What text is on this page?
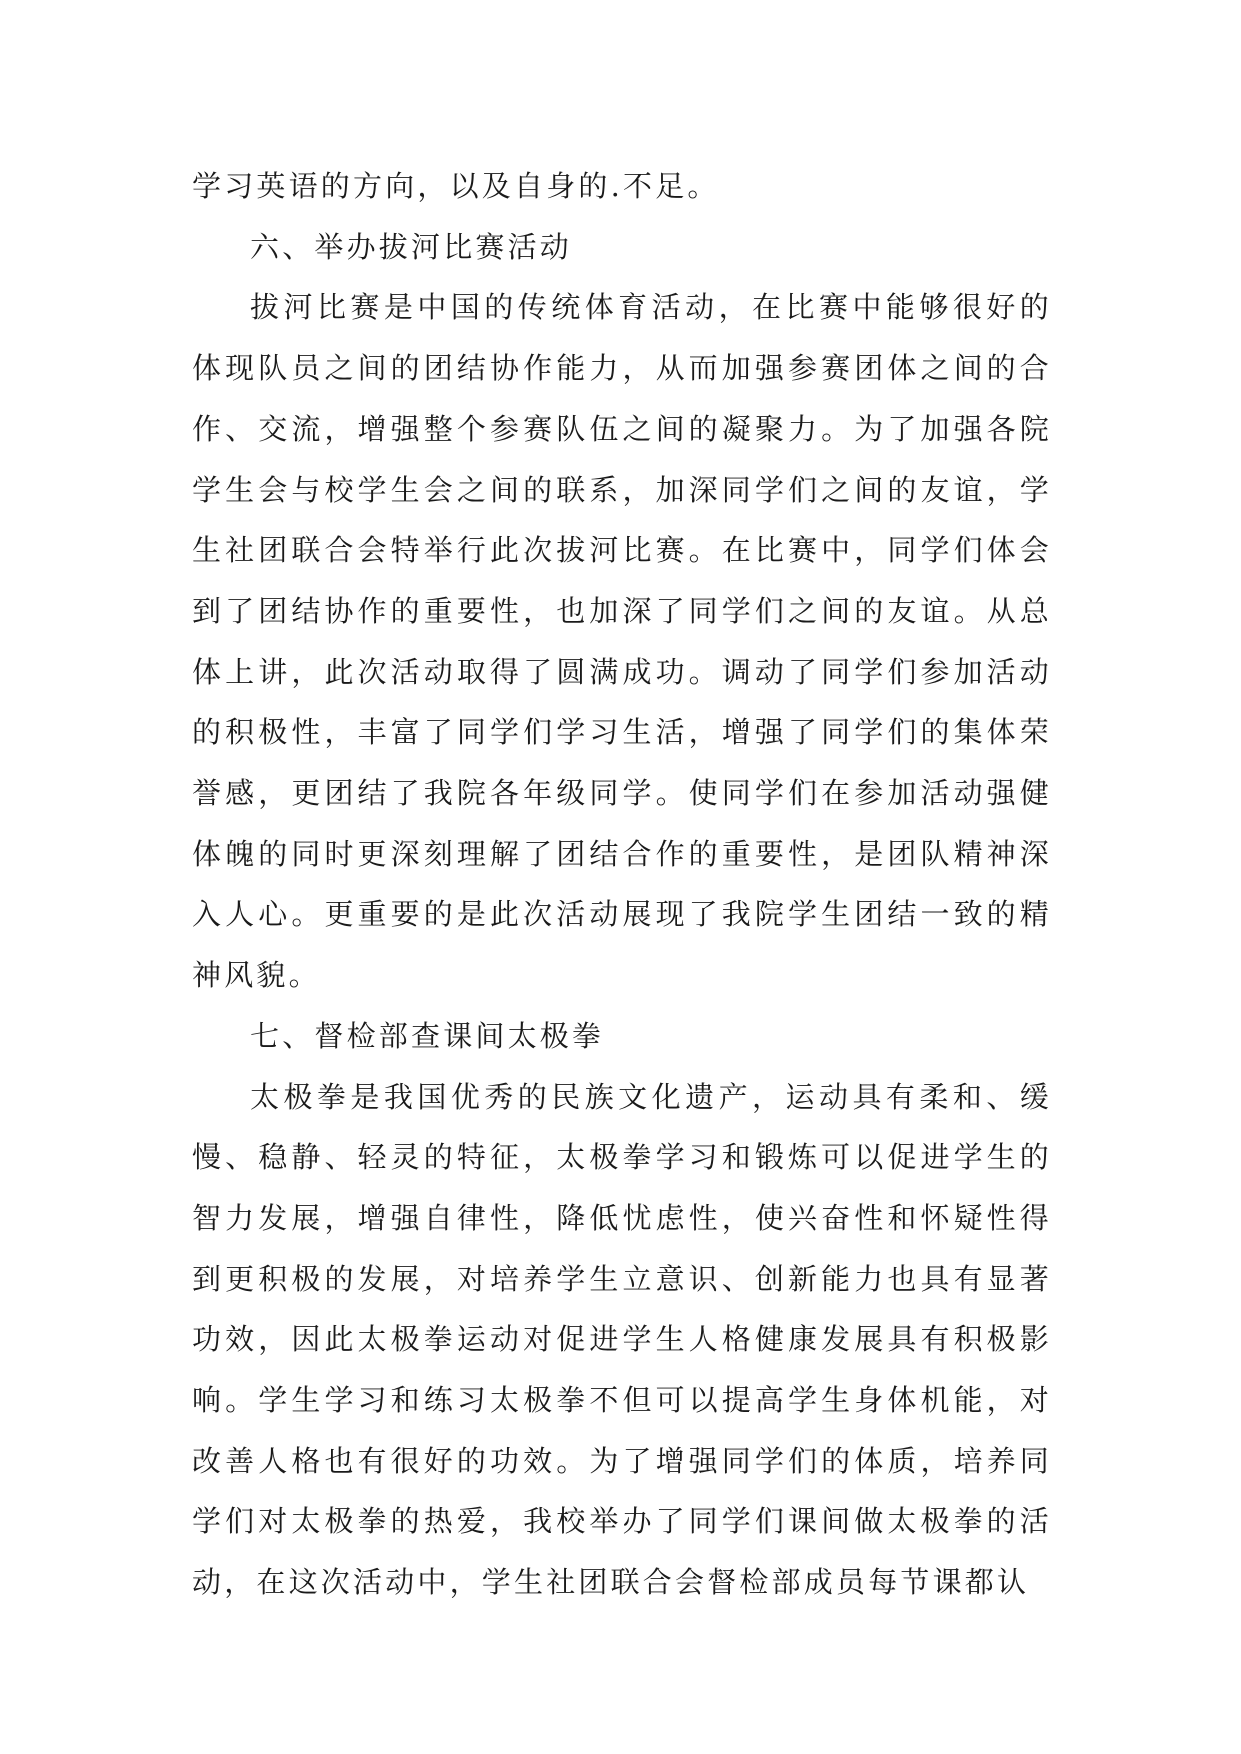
学习英语的方向，以及自身的.不足。

六、举办拔河比赛活动

拔河比赛是中国的传统体育活动，在比赛中能够很好的体现队员之间的团结协作能力，从而加强参赛团体之间的合作、交流，增强整个参赛队伍之间的凝聚力。为了加强各院学生会与校学生会之间的联系，加深同学们之间的友谊，学生社团联合会特举行此次拔河比赛。在比赛中，同学们体会到了团结协作的重要性，也加深了同学们之间的友谊。从总体上讲，此次活动取得了圆满成功。调动了同学们参加活动的积极性，丰富了同学们学习生活，增强了同学们的集体荣誉感，更团结了我院各年级同学。使同学们在参加活动强健体魄的同时更深刻理解了团结合作的重要性，是团队精神深入人心。更重要的是此次活动展现了我院学生团结一致的精神风貌。

七、督检部查课间太极拳

太极拳是我国优秀的民族文化遗产，运动具有柔和、缓慢、稳静、轻灵的特征，太极拳学习和锻炼可以促进学生的智力发展，增强自律性，降低忧虑性，使兴奋性和怀疑性得到更积极的发展，对培养学生立意识、创新能力也具有显著功效，因此太极拳运动对促进学生人格健康发展具有积极影响。学生学习和练习太极拳不但可以提高学生身体机能，对改善人格也有很好的功效。为了增强同学们的体质，培养同学们对太极拳的热爱，我校举办了同学们课间做太极拳的活动，在这次活动中，学生社团联合会督检部成员每节课都认
